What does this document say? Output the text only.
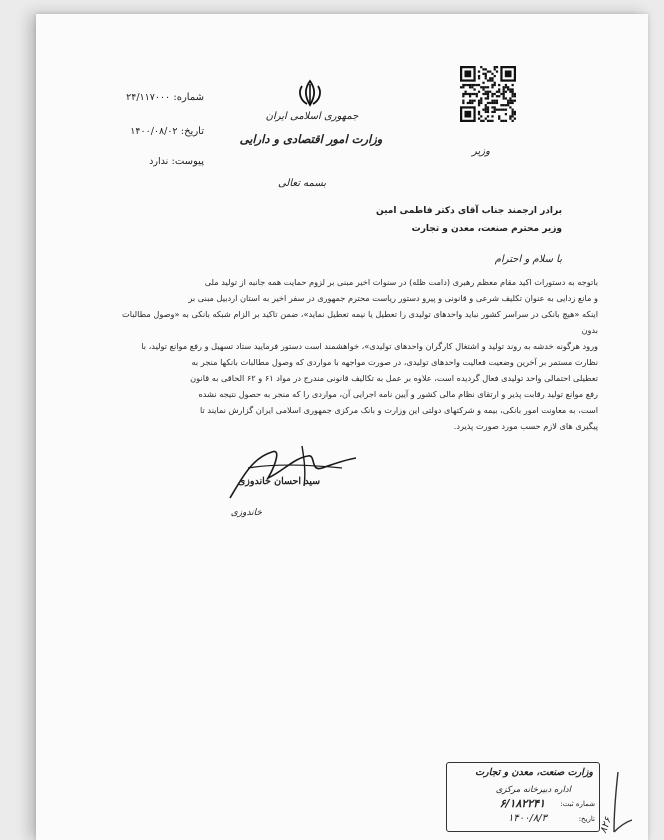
وزیر
جمهوری اسلامی ایران
وزارت امور اقتصادی و دارایی
شماره: ۲۴/۱۱۷۰۰۰
تاریخ: ۱۴۰۰/۰۸/۰۲
پیوست: ندارد
بسمه تعالی
برادر ارجمند جناب آقای دکتر فاطمی امین
وزیر محترم صنعت، معدن و تجارت
با سلام و احترام

باتوجه به دستورات اکید مقام معظم رهبری (دامت ظله) در سنوات اخیر مبنی بر لزوم حمایت همه جانبه از تولید ملی

و مانع زدایی به عنوان تکلیف شرعی و قانونی و پیرو دستور ریاست محترم جمهوری در سفر اخیر به استان اردبیل مبنی بر

اینکه «هیچ بانکی در سراسر کشور نباید واحدهای تولیدی را تعطیل یا نیمه تعطیل نماید»، ضمن تاکید بر الزام شبکه بانکی به «وصول مطالبات بدون

ورود هرگونه خدشه به روند تولید و اشتغال کارگران واحدهای تولیدی»، خواهشمند است دستور فرمایید ستاد تسهیل و رفع موانع تولید، با

نظارت مستمر بر آخرین وضعیت فعالیت واحدهای تولیدی، در صورت مواجهه با مواردی که وصول مطالبات بانکها منجر به

تعطیلی احتمالی واحد تولیدی فعال گردیده است، علاوه بر عمل به تکالیف قانونی مندرج در مواد ۶۱ و ۶۲ الحاقی به قانون

رفع موانع تولید رقابت پذیر و ارتقای نظام مالی کشور و آیین نامه اجرایی آن، مواردی را که منجر به حصول نتیجه نشده

است، به معاونت امور بانکی، بیمه و شرکتهای دولتی این وزارت و بانک مرکزی جمهوری اسلامی ایران گزارش نمایند تا

پیگیری های لازم حسب مورد صورت پذیرد.

سید احسان خاندوزی
خاندوزی
وزارت صنعت، معدن و تجارت
اداره دبیرخانه مرکزی
شماره ثبت:
۶/۱۸۲۲۴۱
تاریخ:
۱۴۰۰/۸/۳	۸۲۶
